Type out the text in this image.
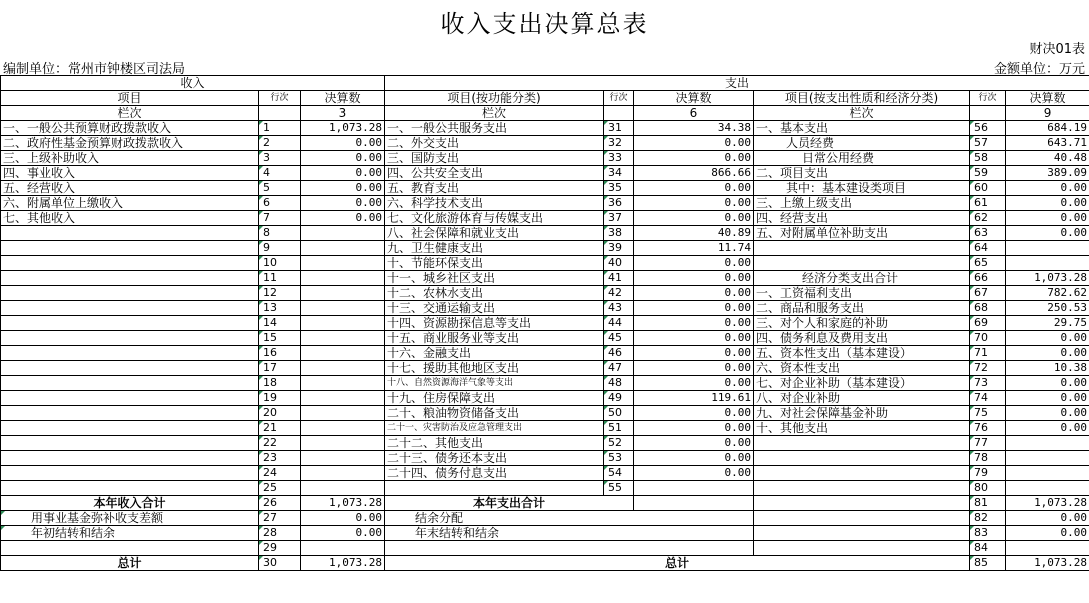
收入支出决算总表
财决01表
编制单位：常州市钟楼区司法局	金额单位：万元
收入			支出					
项目	行次	决算数	项目(按功能分类)	行次	决算数	项目(按支出性质和经济分类)	行次	决算数
栏次	2	3	栏次	5	6	栏次	8	9
一、一般公共预算财政拨款收入	1	1,073.28	一、一般公共服务支出	31	34.38	一、基本支出	56	684.19
二、政府性基金预算财政拨款收入	2	0.00	二、外交支出	32	0.00	人员经费	57	643.71
三、上级补助收入	3	0.00	三、国防支出	33	0.00	日常公用经费	58	40.48
四、事业收入	4	0.00	四、公共安全支出	34	866.66	二、项目支出	59	389.09
五、经营收入	5	0.00	五、教育支出	35	0.00	其中：基本建设类项目	60	0.00
六、附属单位上缴收入	6	0.00	六、科学技术支出	36	0.00	三、上缴上级支出	61	0.00
七、其他收入	7	0.00	七、文化旅游体育与传媒支出	37	0.00	四、经营支出	62	0.00
	8		八、社会保障和就业支出	38	40.89	五、对附属单位补助支出	63	0.00
	9		九、卫生健康支出	39	11.74		64	
	10		十、节能环保支出	40	0.00		65	
	11		十一、城乡社区支出	41	0.00	经济分类支出合计	66	1,073.28
	12		十二、农林水支出	42	0.00	一、工资福利支出	67	782.62
	13		十三、交通运输支出	43	0.00	二、商品和服务支出	68	250.53
	14		十四、资源勘探信息等支出	44	0.00	三、对个人和家庭的补助	69	29.75
	15		十五、商业服务业等支出	45	0.00	四、债务利息及费用支出	70	0.00
	16		十六、金融支出	46	0.00	五、资本性支出（基本建设）	71	0.00
	17		十七、援助其他地区支出	47	0.00	六、资本性支出	72	10.38
	18		十八、自然资源海洋气象等支出	48	0.00	七、对企业补助（基本建设）	73	0.00
	19		十九、住房保障支出	49	119.61	八、对企业补助	74	0.00
	20		二十、粮油物资储备支出	50	0.00	九、对社会保障基金补助	75	0.00
	21		二十一、灾害防治及应急管理支出	51	0.00	十、其他支出	76	0.00
	22		二十二、其他支出	52	0.00		77	
	23		二十三、债务还本支出	53	0.00		78	
	24		二十四、债务付息支出	54	0.00		79	
	25			55			80	
本年收入合计	26	1,073.28	本年支出合计				81	1,073.28
用事业基金弥补收支差额	27	0.00	结余分配				82	0.00
年初结转和结余	28	0.00	年末结转和结余				83	0.00
	29						84	
总计	30	1,073.28	总计				85	1,073.28
